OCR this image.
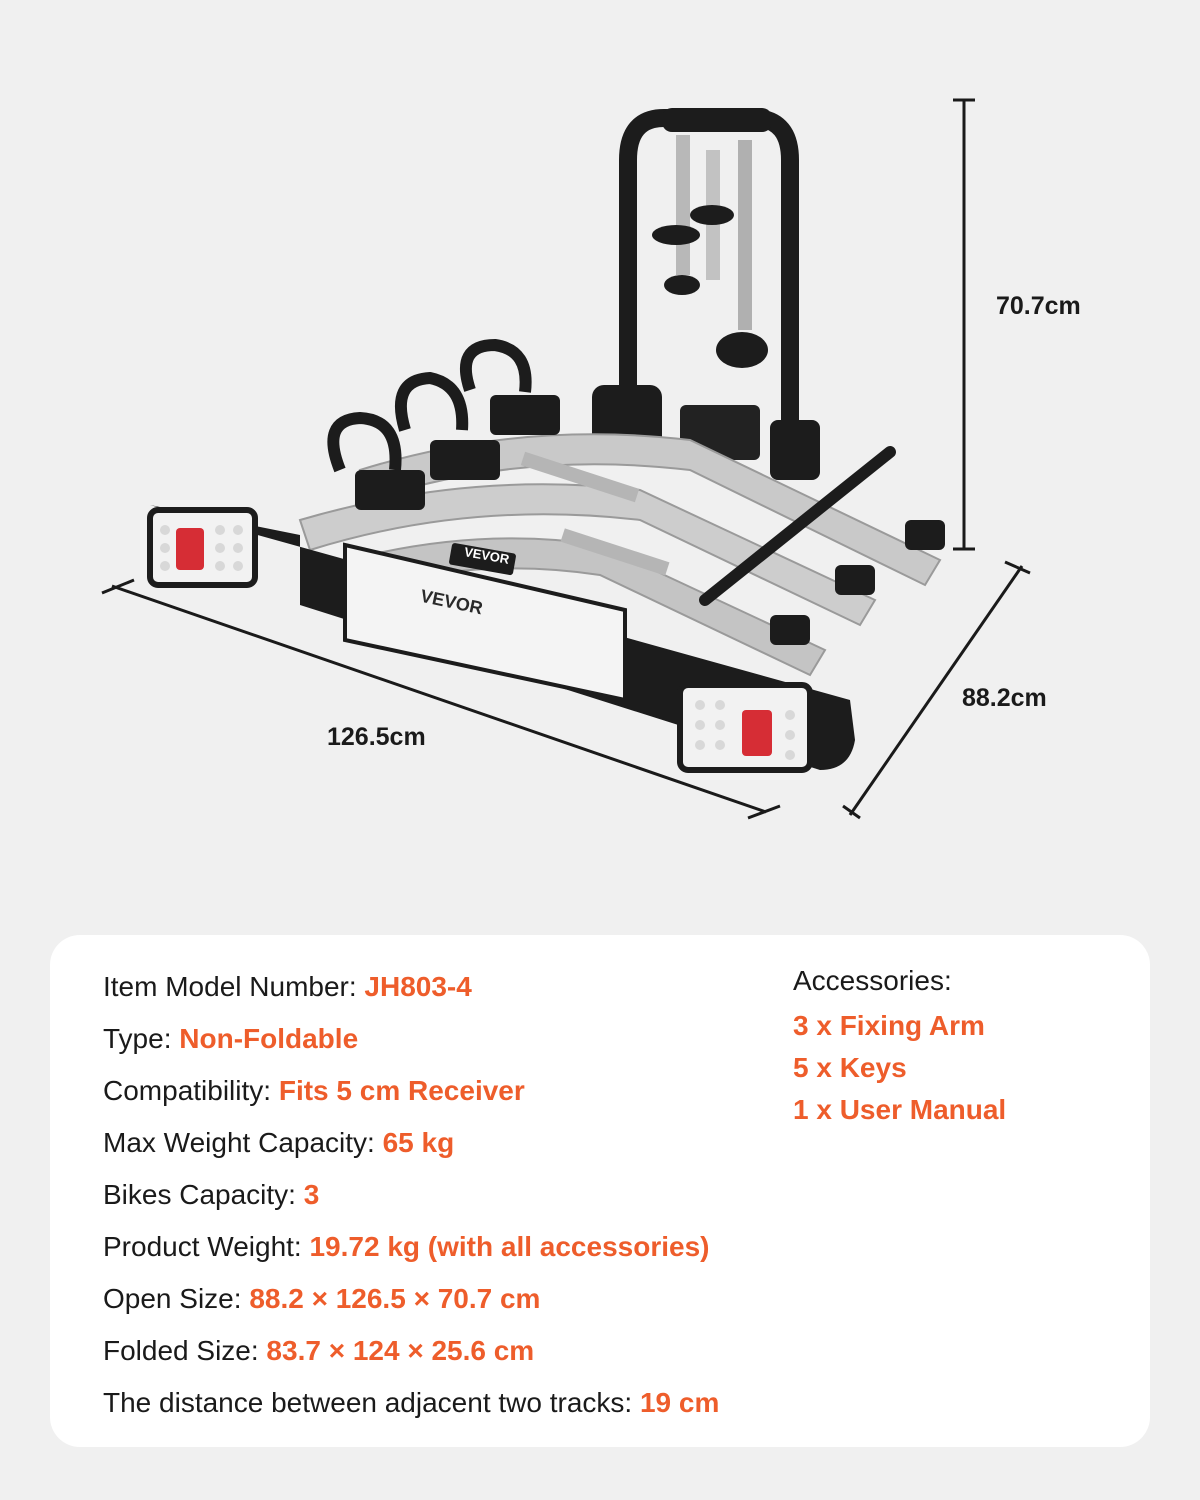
VEVOR
VEVOR
70.7cm
88.2cm
126.5cm
Item Model Number: JH803-4
Type: Non-Foldable
Compatibility: Fits 5 cm Receiver
Max Weight Capacity: 65 kg
Bikes Capacity: 3
Product Weight: 19.72 kg (with all accessories)
Open Size: 88.2 × 126.5 × 70.7 cm
Folded Size: 83.7 × 124 × 25.6 cm
The distance between adjacent two tracks: 19 cm
Accessories:
3 x Fixing Arm
5 x Keys
1 x User Manual
